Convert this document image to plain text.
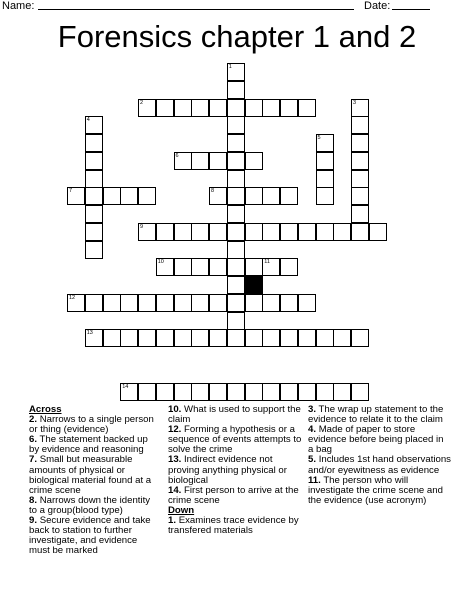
Name:	Date:
Forensics chapter 1 and 2
1
2	3
4
5
6
7	8
9
10	11
12
13
14
Across

2. Narrows to a single person or thing (evidence)

6. The statement backed up by evidence and reasoning

7. Small but measurable amounts of physical or biological material found at a crime scene

8. Narrows down the identity to a group(blood type)

9. Secure evidence and take back to station to further investigate, and evidence must be marked

10. What is used to support the claim

12. Forming a hypothesis or a sequence of events attempts to solve the crime

13. Indirect evidence not proving anything physical or biological

14. First person to arrive at the crime scene

Down

1. Examines trace evidence by transfered materials

3. The wrap up statement to the evidence to relate it to the claim

4. Made of paper to store evidence before being placed in a bag

5. Includes 1st hand observations and/or eyewitness as evidence

11. The person who will investigate the crime scene and the evidence (use acronym)
